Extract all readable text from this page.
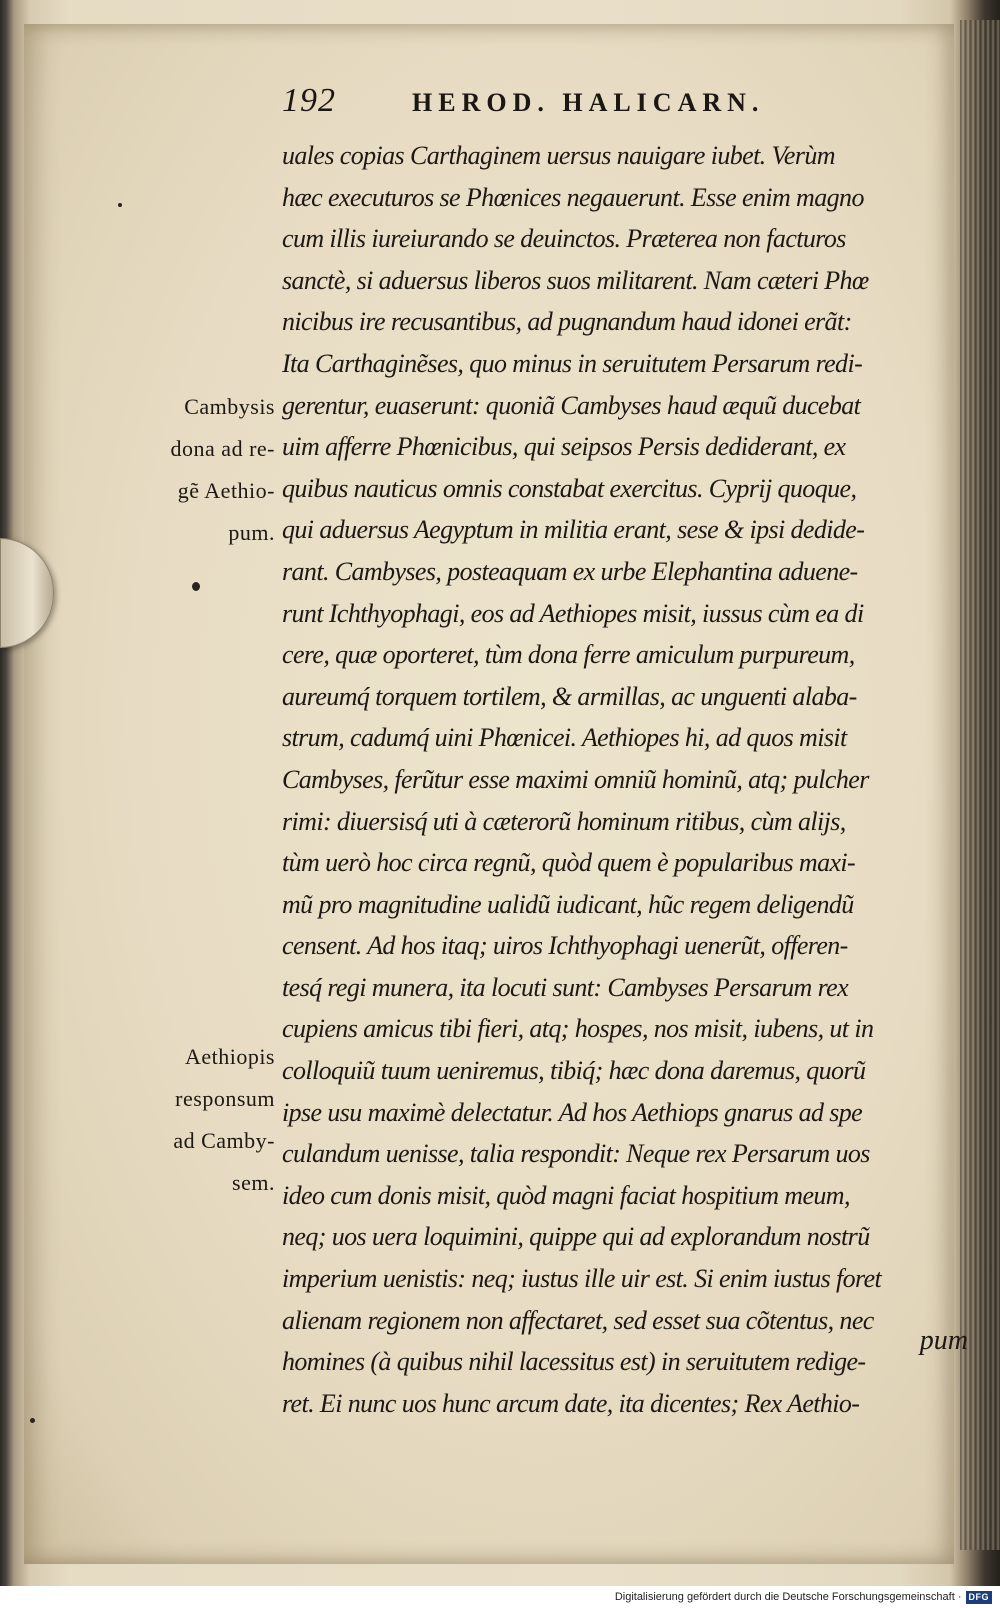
192	HEROD. HALICARN.
Cambysis
dona ad re-
gẽ Aethio-
pum.
Aethiopis
responsum
ad Camby-
sem.
uales copias Carthaginem uersus nauigare iubet. Verùm
hæc executuros se Phœnices negauerunt. Esse enim magno
cum illis iureiurando se deuinctos. Præterea non facturos
sanctè, si aduersus liberos suos militarent. Nam cæteri Phœ
nicibus ire recusantibus, ad pugnandum haud idonei erãt:
Ita Carthaginẽses, quo minus in seruitutem Persarum redi-
gerentur, euaserunt: quoniã Cambyses haud æquũ ducebat
uim afferre Phœnicibus, qui seipsos Persis dediderant, ex
quibus nauticus omnis constabat exercitus. Cyprij quoque,
qui aduersus Aegyptum in militia erant, sese & ipsi dedide-
rant. Cambyses, posteaquam ex urbe Elephantina aduene-
runt Ichthyophagi, eos ad Aethiopes misit, iussus cùm ea di
cere, quæ oporteret, tùm dona ferre amiculum purpureum,
aureumq́ torquem tortilem, & armillas, ac unguenti alaba-
strum, cadumq́ uini Phœnicei. Aethiopes hi, ad quos misit
Cambyses, ferũtur esse maximi omniũ hominũ, atq; pulcher
rimi: diuersisq́ uti à cæterorũ hominum ritibus, cùm alijs,
tùm uerò hoc circa regnũ, quòd quem è popularibus maxi-
mũ pro magnitudine ualidũ iudicant, hũc regem deligendũ
censent. Ad hos itaq; uiros Ichthyophagi uenerũt, offeren-
tesq́ regi munera, ita locuti sunt: Cambyses Persarum rex
cupiens amicus tibi fieri, atq; hospes, nos misit, iubens, ut in
colloquiũ tuum ueniremus, tibiq́; hæc dona daremus, quorũ
ipse usu maximè delectatur. Ad hos Aethiops gnarus ad spe
culandum uenisse, talia respondit: Neque rex Persarum uos
ideo cum donis misit, quòd magni faciat hospitium meum,
neq; uos uera loquimini, quippe qui ad explorandum nostrũ
imperium uenistis: neq; iustus ille uir est. Si enim iustus foret
alienam regionem non affectaret, sed esset sua cõtentus, nec
homines (à quibus nihil lacessitus est) in seruitutem redige-
ret. Ei nunc uos hunc arcum date, ita dicentes; Rex Aethio-
pum
Digitalisierung gefördert durch die Deutsche Forschungsgemeinschaft · DFG
